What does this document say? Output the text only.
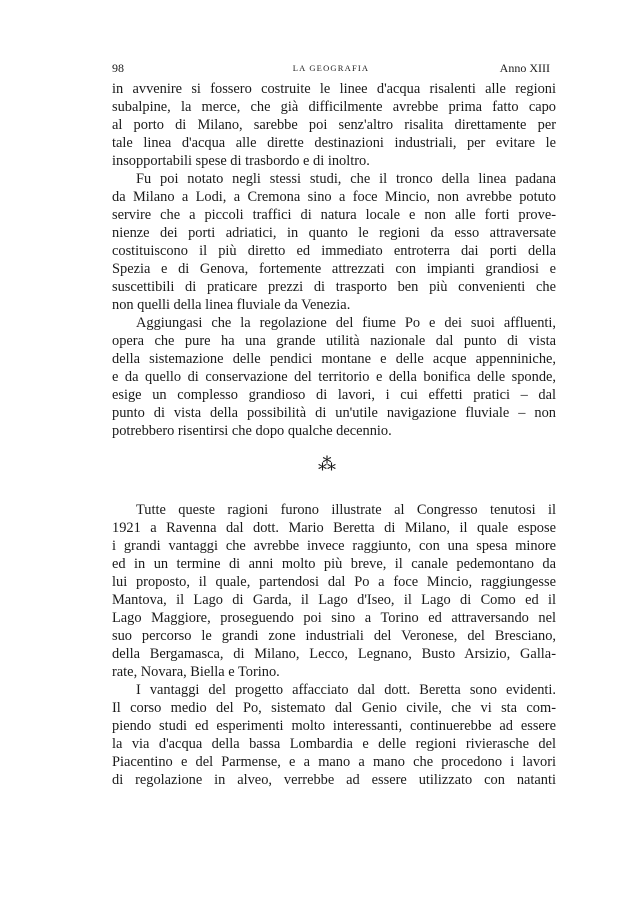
98	LA GEOGRAFIA	Anno XIII

in avvenire si fossero costruite le linee d'acqua risalenti alle regioni
subalpine, la merce, che già difficilmente avrebbe prima fatto capo
al porto di Milano, sarebbe poi senz'altro risalita direttamente per
tale linea d'acqua alle dirette destinazioni industriali, per evitare le
insopportabili spese di trasbordo e di inoltro.

Fu poi notato negli stessi studi, che il tronco della linea padana
da Milano a Lodi, a Cremona sino a foce Mincio, non avrebbe potuto
servire che a piccoli traffici di natura locale e non alle forti prove-
nienze dei porti adriatici, in quanto le regioni da esso attraversate
costituiscono il più diretto ed immediato entroterra dai porti della
Spezia e di Genova, fortemente attrezzati con impianti grandiosi e
suscettibili di praticare prezzi di trasporto ben più convenienti che
non quelli della linea fluviale da Venezia.

Aggiungasi che la regolazione del fiume Po e dei suoi affluenti,
opera che pure ha una grande utilità nazionale dal punto di vista
della sistemazione delle pendici montane e delle acque appenniniche,
e da quello di conservazione del territorio e della bonifica delle sponde,
esige un complesso grandioso di lavori, i cui effetti pratici – dal
punto di vista della possibilità di un'utile navigazione fluviale – non
potrebbero risentirsi che dopo qualche decennio.

⁂

Tutte queste ragioni furono illustrate al Congresso tenutosi il
1921 a Ravenna dal dott. Mario Beretta di Milano, il quale espose
i grandi vantaggi che avrebbe invece raggiunto, con una spesa minore
ed in un termine di anni molto più breve, il canale pedemontano da
lui proposto, il quale, partendosi dal Po a foce Mincio, raggiungesse
Mantova, il Lago di Garda, il Lago d'Iseo, il Lago di Como ed il
Lago Maggiore, proseguendo poi sino a Torino ed attraversando nel
suo percorso le grandi zone industriali del Veronese, del Bresciano,
della Bergamasca, di Milano, Lecco, Legnano, Busto Arsizio, Galla-
rate, Novara, Biella e Torino.

I vantaggi del progetto affacciato dal dott. Beretta sono evidenti.
Il corso medio del Po, sistemato dal Genio civile, che vi sta com-
piendo studi ed esperimenti molto interessanti, continuerebbe ad essere
la via d'acqua della bassa Lombardia e delle regioni rivierasche del
Piacentino e del Parmense, e a mano a mano che procedono i lavori
di regolazione in alveo, verrebbe ad essere utilizzato con natanti
